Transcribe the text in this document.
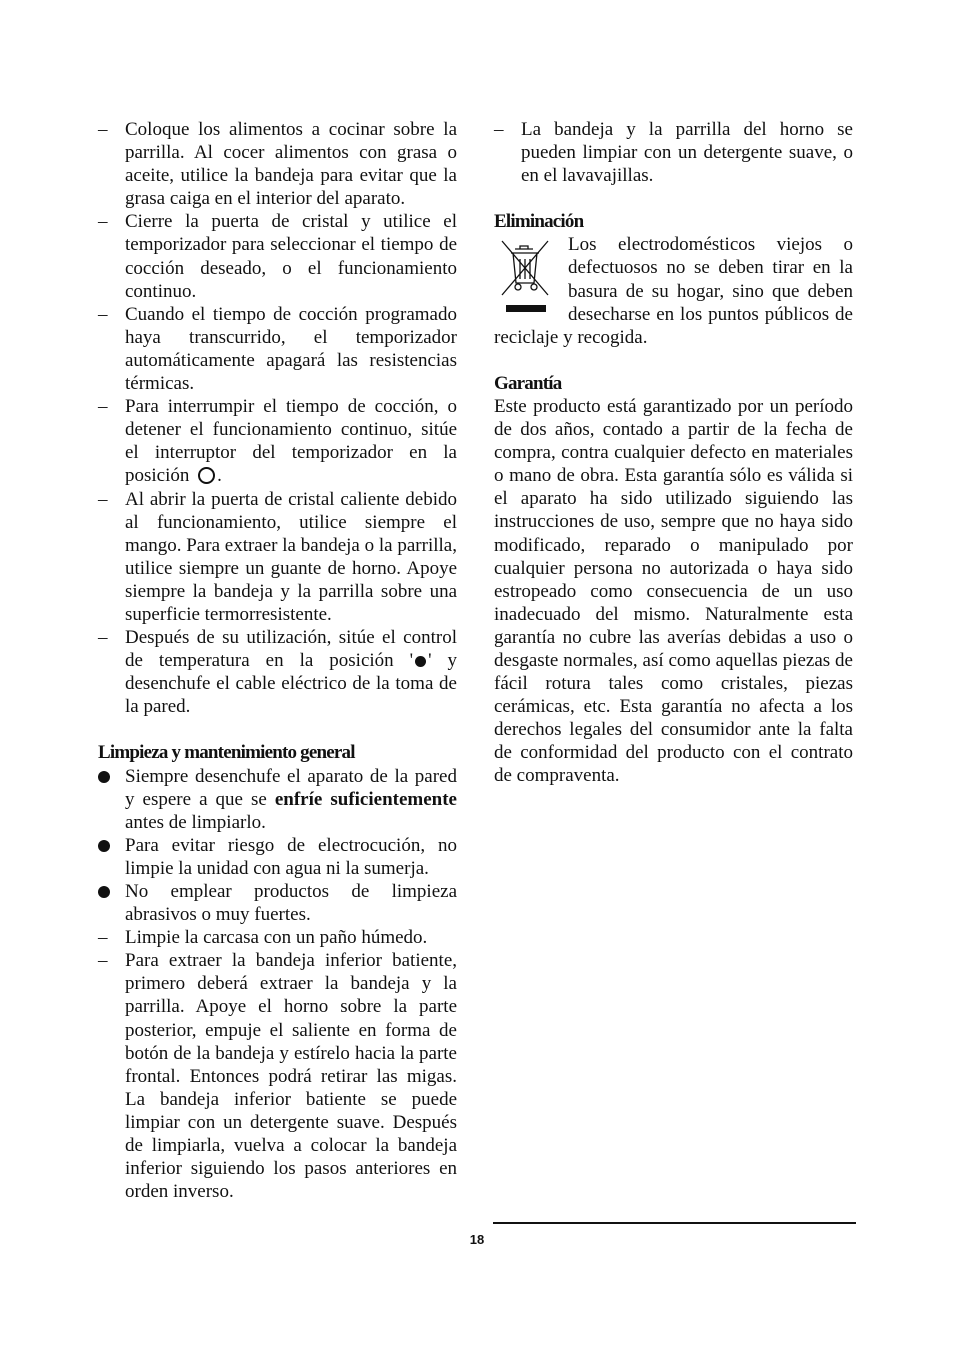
– Coloque los alimentos a cocinar sobre la parrilla. Al cocer alimentos con grasa o aceite, utilice la bandeja para evitar que la grasa caiga en el interior del aparato.
– Cierre la puerta de cristal y utilice el temporizador para seleccionar el tiempo de cocción deseado, o el funcionamiento continuo.
– Cuando el tiempo de cocción programado haya transcurrido, el temporizador automáticamente apagará las resistencias térmicas.
– Para interrumpir el tiempo de cocción, o detener el funcionamiento continuo, sitúe el interruptor del temporizador en la posición .
– Al abrir la puerta de cristal caliente debido al funcionamiento, utilice siempre el mango. Para extraer la bandeja o la parrilla, utilice siempre un guante de horno. Apoye siempre la bandeja y la parrilla sobre una superficie termorresistente.
– Después de su utilización, sitúe el control de temperatura en la posición ' ' y desenchufe el cable eléctrico de la toma de la pared.
Limpieza y mantenimiento general
Siempre desenchufe el aparato de la pared y espere a que se enfríe suficientemente antes de limpiarlo.
Para evitar riesgo de electrocución, no limpie la unidad con agua ni la sumerja.
No emplear productos de limpieza abrasivos o muy fuertes.
– Limpie la carcasa con un paño húmedo.
– Para extraer la bandeja inferior batiente, primero deberá extraer la bandeja y la parrilla. Apoye el horno sobre la parte posterior, empuje el saliente en forma de botón de la bandeja y estírelo hacia la parte frontal. Entonces podrá retirar las migas. La bandeja inferior batiente se puede limpiar con un detergente suave. Después de limpiarla, vuelva a colocar la bandeja inferior siguiendo los pasos anteriores en orden inverso.
– La bandeja y la parrilla del horno se pueden limpiar con un detergente suave, o en el lavavajillas.
Eliminación
Los electrodomésticos viejos o defectuosos no se deben tirar en la basura de su hogar, sino que deben desecharse en los puntos públicos de reciclaje y recogida.
Garantía
Este producto está garantizado por un período de dos años, contado a partir de la fecha de compra, contra cualquier defecto en materiales o mano de obra. Esta garantía sólo es válida si el aparato ha sido utilizado siguiendo las instrucciones de uso, sempre que no haya sido modificado, reparado o manipulado por cualquier persona no autorizada o haya sido estropeado como consecuencia de un uso inadecuado del mismo. Naturalmente esta garantía no cubre las averías debidas a uso o desgaste normales, así como aquellas piezas de fácil rotura tales como cristales, piezas cerámicas, etc. Esta garantía no afecta a los derechos legales del consumidor ante la falta de conformidad del producto con el contrato de compraventa.
18
